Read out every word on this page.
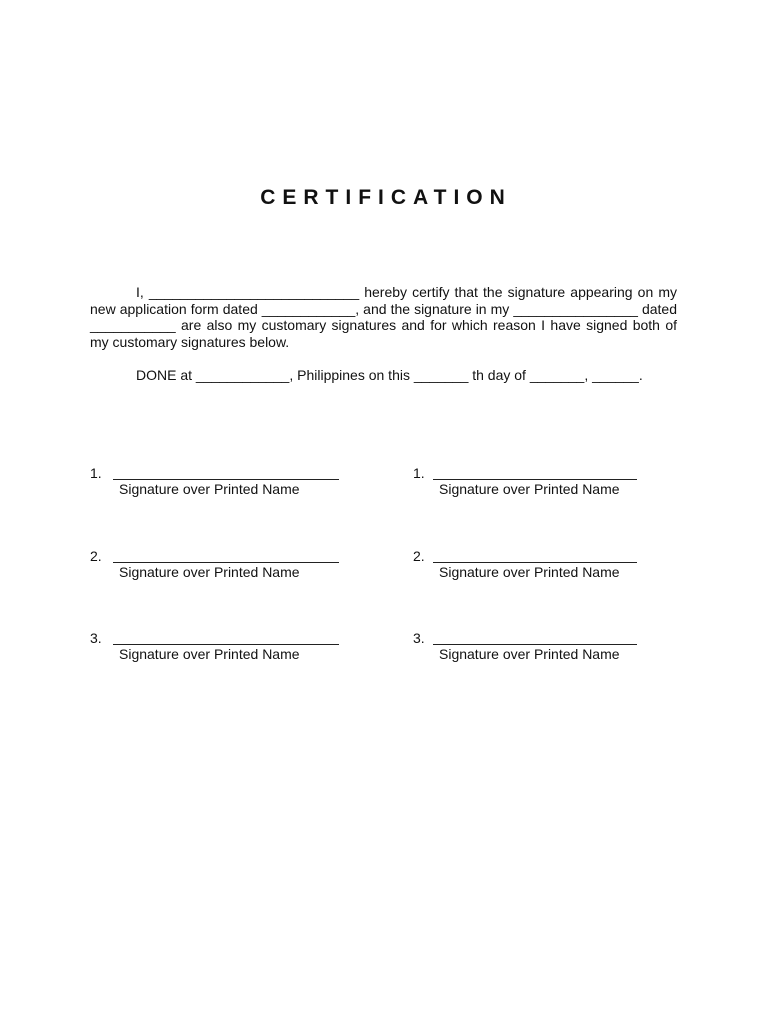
CERTIFICATION

I, ___________________________ hereby certify that the signature appearing on my new application form dated ____________, and the signature in my ________________ dated ___________ are also my customary signatures and for which reason I have signed both of my customary signatures below.

DONE at ____________, Philippines on this _______ th day of _______, ______.

1.
Signature over Printed Name
2.
Signature over Printed Name
3.
Signature over Printed Name
1.
Signature over Printed Name
2.
Signature over Printed Name
3.
Signature over Printed Name
